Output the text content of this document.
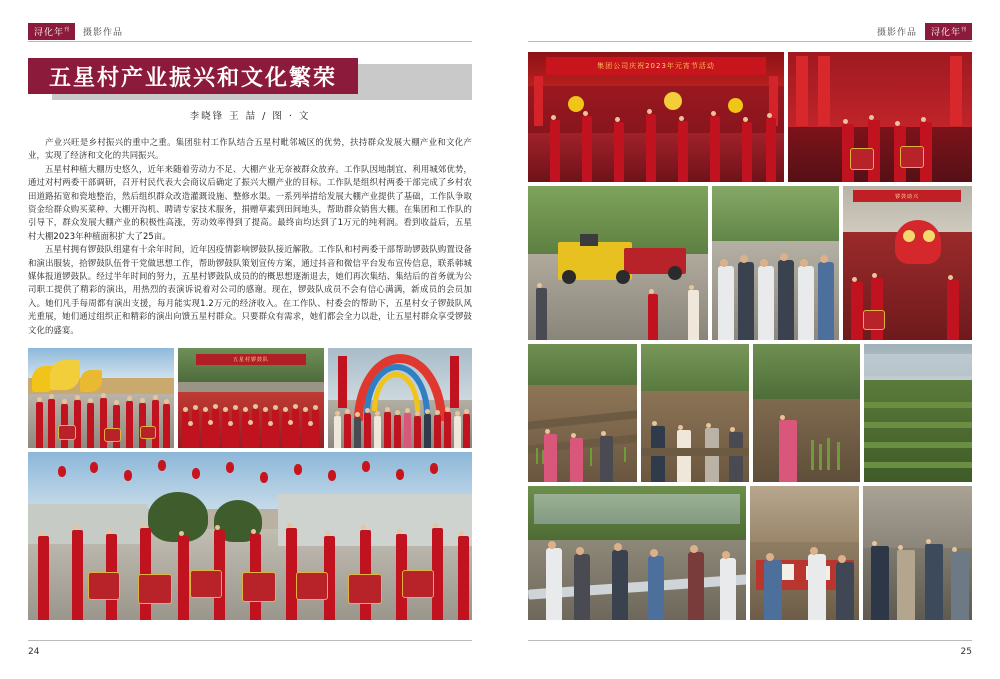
浔化年$^刊$	摄影作品
五星村产业振兴和文化繁荣
李晓锋 王 喆 / 图 · 文

产业兴旺是乡村振兴的重中之重。集团驻村工作队结合五星村毗邻城区的优势，扶持群众发展大棚产业和文化产业，实现了经济和文化的共同振兴。

五星村种植大棚历史悠久，近年来随着劳动力不足、大棚产业无奈被群众放弃。工作队因地制宜、利用城郊优势，通过对村两委干部调研，召开村民代表大会商议后确定了振兴大棚产业的目标。工作队是组织村两委干部完成了乡村农田道路拓宽和瓷地整治，然后组织群众改造灌溉设施、整修水渠。一系列举措给发展大棚产业提供了基础，工作队争取资金给群众购买菜种、大棚开沟机、聘请专家技术服务，捐赠草素到田间地头，帮助群众销售大棚。在集团和工作队的引导下，群众发展大棚产业的积极性高涨，劳动效率得到了提高。最终亩均达到了1万元的纯利润。看到收益后，五星村大棚2023年种植面积扩大了25亩。

五星村拥有锣鼓队组建有十余年时间，近年因疫情影响锣鼓队接近解散。工作队和村两委干部帮助锣鼓队购置设备和演出服装，拾锣鼓队伍骨干党做思想工作，帮助锣鼓队策划宣传方案，通过抖音和微信平台发布宣传信息，联系韩城媒体报道锣鼓队。经过半年时间的努力，五星村锣鼓队成员的的概思想逐渐退去，她们再次集结、集结后的首务就为公司职工提供了精彩的演出，用热烈的表演诉说着对公司的感谢。现在，锣鼓队成员不会有信心满满，新成员的会员加入。她们凡手每周都有演出支援，每月能实现1.2万元的经济收入。在工作队、村委会的帮助下，五星村女子锣鼓队风光重展，她们通过组织正和精彩的演出向馈五星村群众。只要群众有需求，她们都会全力以赴，让五星村群众享受锣鼓文化的盛宴。

五星村锣鼓队
24
摄影作品	浔化年$^刊$
25
集团公司庆祝2023年元宵节活动
锣鼓助兴
